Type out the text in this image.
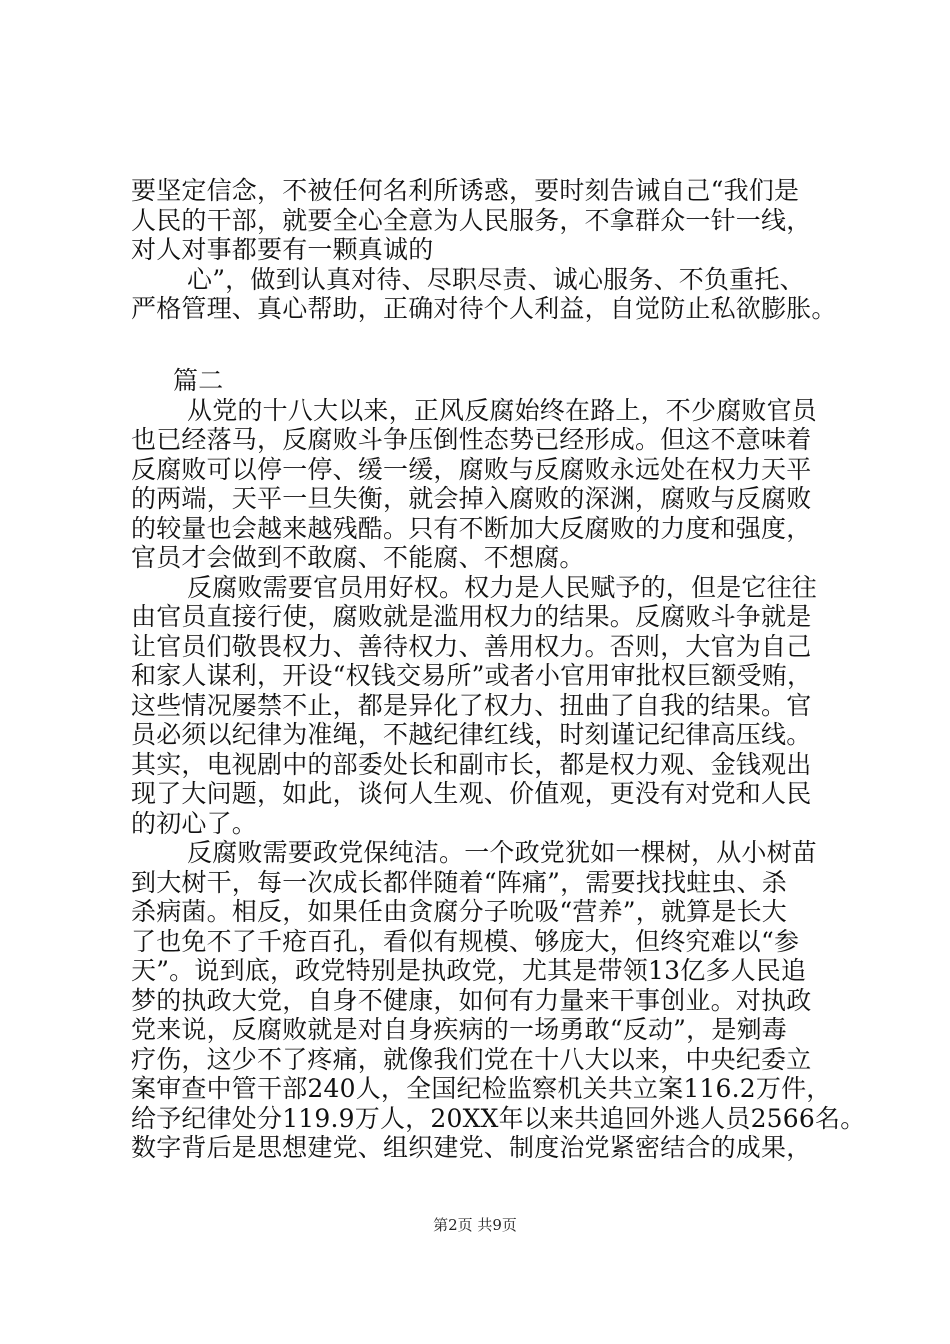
要坚定信念，不被任何名利所诱惑，要时刻告诫自己“我们是
人民的干部，就要全心全意为人民服务，不拿群众一针一线，
对人对事都要有一颗真诚的
心”，做到认真对待、尽职尽责、诚心服务、不负重托、
严格管理、真心帮助，正确对待个人利益，自觉防止私欲膨胀。
篇二
从党的十八大以来，正风反腐始终在路上，不少腐败官员
也已经落马，反腐败斗争压倒性态势已经形成。但这不意味着
反腐败可以停一停、缓一缓，腐败与反腐败永远处在权力天平
的两端，天平一旦失衡，就会掉入腐败的深渊，腐败与反腐败
的较量也会越来越残酷。只有不断加大反腐败的力度和强度，
官员才会做到不敢腐、不能腐、不想腐。
反腐败需要官员用好权。权力是人民赋予的，但是它往往
由官员直接行使，腐败就是滥用权力的结果。反腐败斗争就是
让官员们敬畏权力、善待权力、善用权力。否则，大官为自己
和家人谋利，开设“权钱交易所”或者小官用审批权巨额受贿，
这些情况屡禁不止，都是异化了权力、扭曲了自我的结果。官
员必须以纪律为准绳，不越纪律红线，时刻谨记纪律高压线。
其实，电视剧中的部委处长和副市长，都是权力观、金钱观出
现了大问题，如此，谈何人生观、价值观，更没有对党和人民
的初心了。
反腐败需要政党保纯洁。一个政党犹如一棵树，从小树苗
到大树干，每一次成长都伴随着“阵痛”，需要找找蛀虫、杀
杀病菌。相反，如果任由贪腐分子吮吸“营养”，就算是长大
了也免不了千疮百孔，看似有规模、够庞大，但终究难以“参
天”。说到底，政党特别是执政党，尤其是带领13亿多人民追
梦的执政大党，自身不健康，如何有力量来干事创业。对执政
党来说，反腐败就是对自身疾病的一场勇敢“反动”，是剜毒
疗伤，这少不了疼痛，就像我们党在十八大以来，中央纪委立
案审查中管干部240人，全国纪检监察机关共立案116.2万件，
给予纪律处分119.9万人，20XX年以来共追回外逃人员2566名。
数字背后是思想建党、组织建党、制度治党紧密结合的成果，
第2页 共9页
